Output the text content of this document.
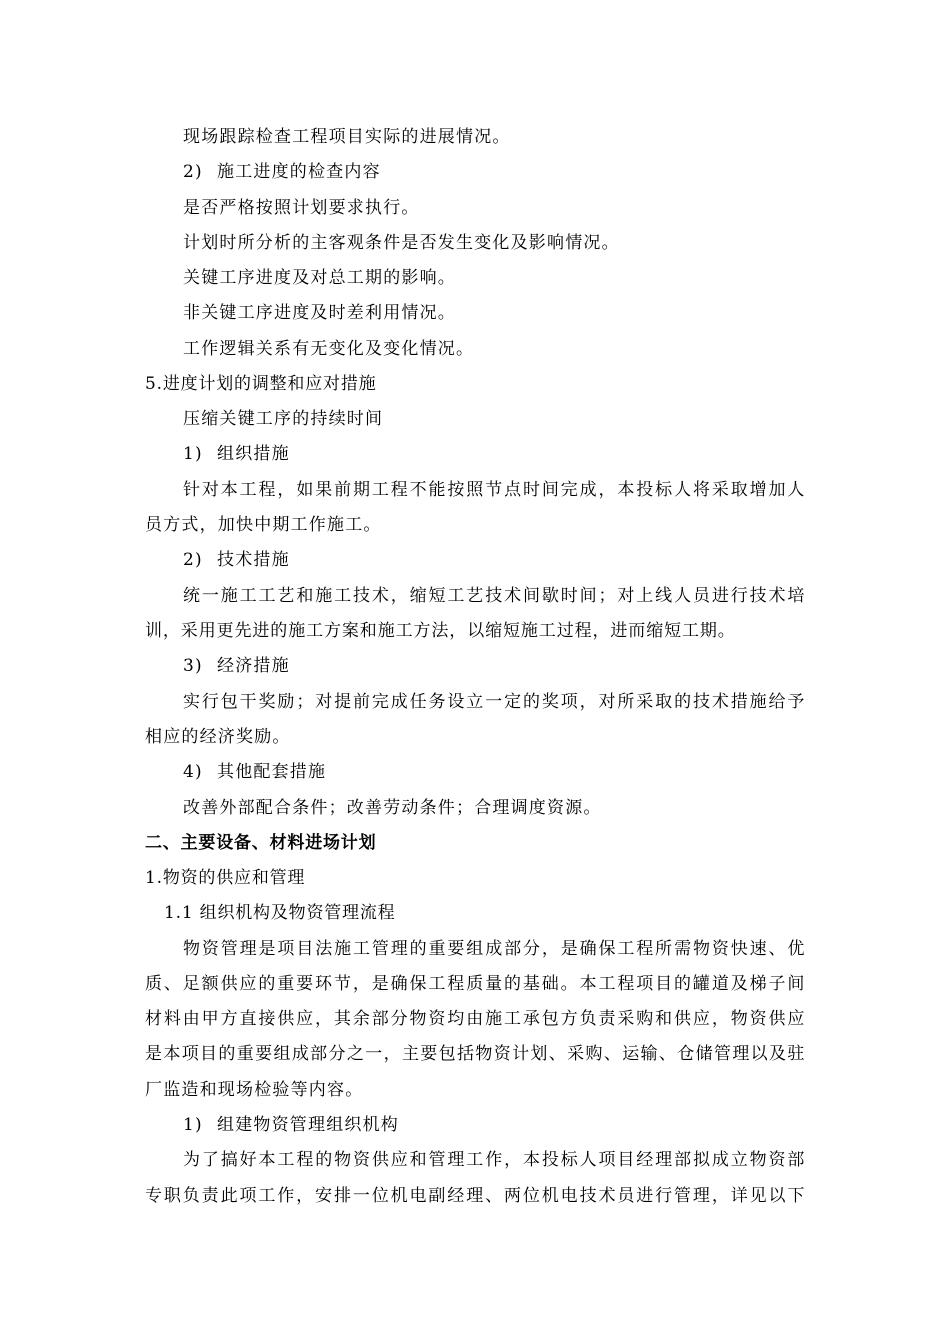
现场跟踪检查工程项目实际的进展情况。
2) 施工进度的检查内容
是否严格按照计划要求执行。
计划时所分析的主客观条件是否发生变化及影响情况。
关键工序进度及对总工期的影响。
非关键工序进度及时差利用情况。
工作逻辑关系有无变化及变化情况。
5.进度计划的调整和应对措施
压缩关键工序的持续时间
1) 组织措施
针对本工程，如果前期工程不能按照节点时间完成，本投标人将采取增加人
员方式，加快中期工作施工。
2) 技术措施
统一施工工艺和施工技术，缩短工艺技术间歇时间；对上线人员进行技术培
训，采用更先进的施工方案和施工方法，以缩短施工过程，进而缩短工期。
3) 经济措施
实行包干奖励；对提前完成任务设立一定的奖项，对所采取的技术措施给予
相应的经济奖励。
4) 其他配套措施
改善外部配合条件；改善劳动条件；合理调度资源。
二、主要设备、材料进场计划
1.物资的供应和管理
1.1 组织机构及物资管理流程
物资管理是项目法施工管理的重要组成部分，是确保工程所需物资快速、优
质、足额供应的重要环节，是确保工程质量的基础。本工程项目的罐道及梯子间
材料由甲方直接供应，其余部分物资均由施工承包方负责采购和供应，物资供应
是本项目的重要组成部分之一，主要包括物资计划、采购、运输、仓储管理以及驻
厂监造和现场检验等内容。
1) 组建物资管理组织机构
为了搞好本工程的物资供应和管理工作，本投标人项目经理部拟成立物资部
专职负责此项工作，安排一位机电副经理、两位机电技术员进行管理，详见以下
